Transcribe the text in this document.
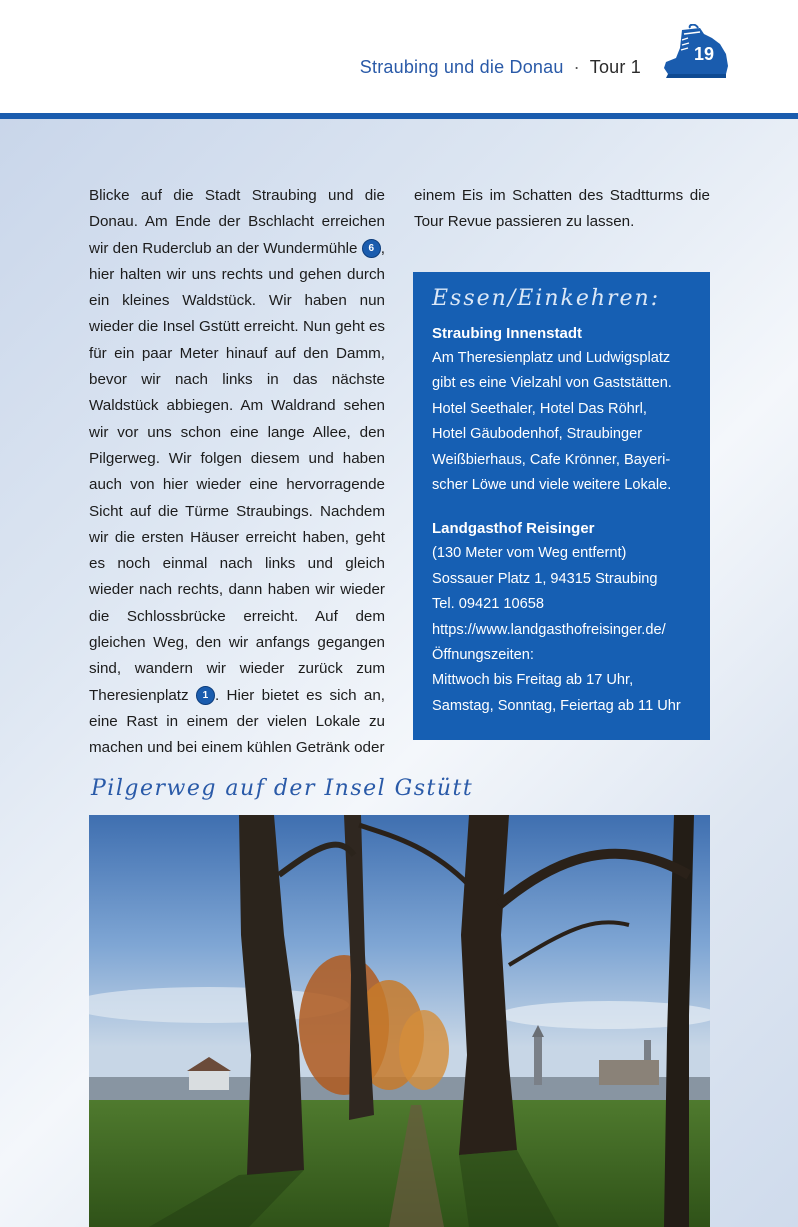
Straubing und die Donau · Tour 1
19
Blicke auf die Stadt Straubing und die Donau. Am Ende der Bschlacht erreichen wir den Ruderclub an der Wundermühle 6 , hier halten wir uns rechts und gehen durch ein kleines Waldstück. Wir haben nun wieder die Insel Gstütt erreicht. Nun geht es für ein paar Meter hinauf auf den Damm, bevor wir nach links in das nächste Waldstück abbiegen. Am Waldrand sehen wir vor uns schon eine lange Allee, den Pilgerweg. Wir folgen diesem und haben auch von hier wieder eine hervorragende Sicht auf die Türme Straubings. Nachdem wir die ersten Häuser erreicht haben, geht es noch einmal nach links und gleich wieder nach rechts, dann haben wir wieder die Schlossbrücke erreicht. Auf dem gleichen Weg, den wir anfangs gegangen sind, wandern wir wieder zurück zum Theresienplatz 1 . Hier bietet es sich an, eine Rast in einem der vielen Lokale zu machen und bei einem kühlen Getränk oder
einem Eis im Schatten des Stadtturms die Tour Revue passieren zu lassen.
Essen/Einkehren:
Straubing Innenstadt
Am Theresienplatz und Ludwigsplatz
gibt es eine Vielzahl von Gaststätten.
Hotel Seethaler, Hotel Das Röhrl,
Hotel Gäubodenhof, Straubinger
Weißbierhaus, Cafe Krönner, Bayeri-
scher Löwe und viele weitere Lokale.
Landgasthof Reisinger
(130 Meter vom Weg entfernt)
Sossauer Platz 1, 94315 Straubing
Tel. 09421 10658
https://www.landgasthofreisinger.de/
Öffnungszeiten:
Mittwoch bis Freitag ab 17 Uhr,
Samstag, Sonntag, Feiertag ab 11 Uhr
Pilgerweg auf der Insel Gstütt
